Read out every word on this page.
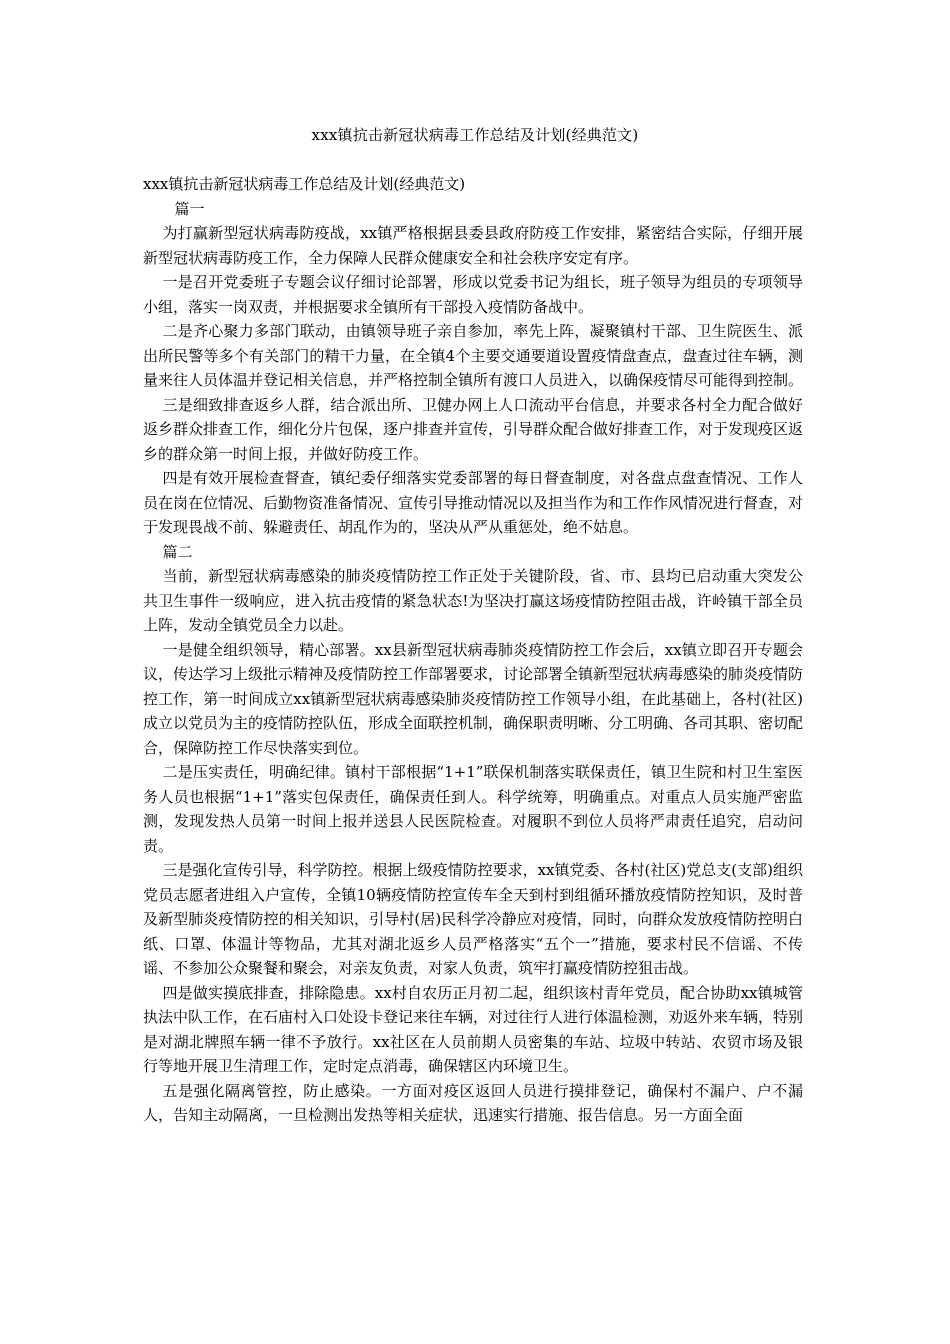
xxx镇抗击新冠状病毒工作总结及计划(经典范文)

xxx镇抗击新冠状病毒工作总结及计划(经典范文)

篇一

为打赢新型冠状病毒防疫战，xx镇严格根据县委县政府防疫工作安排，紧密结合实际，仔细开展新型冠状病毒防疫工作，全力保障人民群众健康安全和社会秩序安定有序。

一是召开党委班子专题会议仔细讨论部署，形成以党委书记为组长，班子领导为组员的专项领导小组，落实一岗双责，并根据要求全镇所有干部投入疫情防备战中。

二是齐心聚力多部门联动，由镇领导班子亲自参加，率先上阵，凝聚镇村干部、卫生院医生、派出所民警等多个有关部门的精干力量，在全镇4个主要交通要道设置疫情盘查点，盘查过往车辆，测量来往人员体温并登记相关信息，并严格控制全镇所有渡口人员进入，以确保疫情尽可能得到控制。

三是细致排查返乡人群，结合派出所、卫健办网上人口流动平台信息，并要求各村全力配合做好返乡群众排查工作，细化分片包保，逐户排查并宣传，引导群众配合做好排查工作，对于发现疫区返乡的群众第一时间上报，并做好防疫工作。

四是有效开展检查督查，镇纪委仔细落实党委部署的每日督查制度，对各盘点盘查情况、工作人员在岗在位情况、后勤物资准备情况、宣传引导推动情况以及担当作为和工作作风情况进行督查，对于发现畏战不前、躲避责任、胡乱作为的，坚决从严从重惩处，绝不姑息。

篇二

当前，新型冠状病毒感染的肺炎疫情防控工作正处于关键阶段，省、市、县均已启动重大突发公共卫生事件一级响应，进入抗击疫情的紧急状态!为坚决打赢这场疫情防控阻击战，许岭镇干部全员上阵，发动全镇党员全力以赴。

一是健全组织领导，精心部署。xx县新型冠状病毒肺炎疫情防控工作会后，xx镇立即召开专题会议，传达学习上级批示精神及疫情防控工作部署要求，讨论部署全镇新型冠状病毒感染的肺炎疫情防控工作，第一时间成立xx镇新型冠状病毒感染肺炎疫情防控工作领导小组，在此基础上，各村(社区)成立以党员为主的疫情防控队伍，形成全面联控机制，确保职责明晰、分工明确、各司其职、密切配合，保障防控工作尽快落实到位。

二是压实责任，明确纪律。镇村干部根据“1+1”联保机制落实联保责任，镇卫生院和村卫生室医务人员也根据“1+1”落实包保责任，确保责任到人。科学统筹，明确重点。对重点人员实施严密监测，发现发热人员第一时间上报并送县人民医院检查。对履职不到位人员将严肃责任追究，启动问责。

三是强化宣传引导，科学防控。根据上级疫情防控要求，xx镇党委、各村(社区)党总支(支部)组织党员志愿者进组入户宣传，全镇10辆疫情防控宣传车全天到村到组循环播放疫情防控知识，及时普及新型肺炎疫情防控的相关知识，引导村(居)民科学冷静应对疫情，同时，向群众发放疫情防控明白纸、口罩、体温计等物品，尤其对湖北返乡人员严格落实“五个一”措施，要求村民不信谣、不传谣、不参加公众聚餐和聚会，对亲友负责，对家人负责，筑牢打赢疫情防控狙击战。

四是做实摸底排查，排除隐患。xx村自农历正月初二起，组织该村青年党员，配合协助xx镇城管执法中队工作，在石庙村入口处设卡登记来往车辆，对过往行人进行体温检测，劝返外来车辆，特别是对湖北牌照车辆一律不予放行。xx社区在人员前期人员密集的车站、垃圾中转站、农贸市场及银行等地开展卫生清理工作，定时定点消毒，确保辖区内环境卫生。

五是强化隔离管控，防止感染。一方面对疫区返回人员进行摸排登记，确保村不漏户、户不漏人，告知主动隔离，一旦检测出发热等相关症状，迅速实行措施、报告信息。另一方面全面
